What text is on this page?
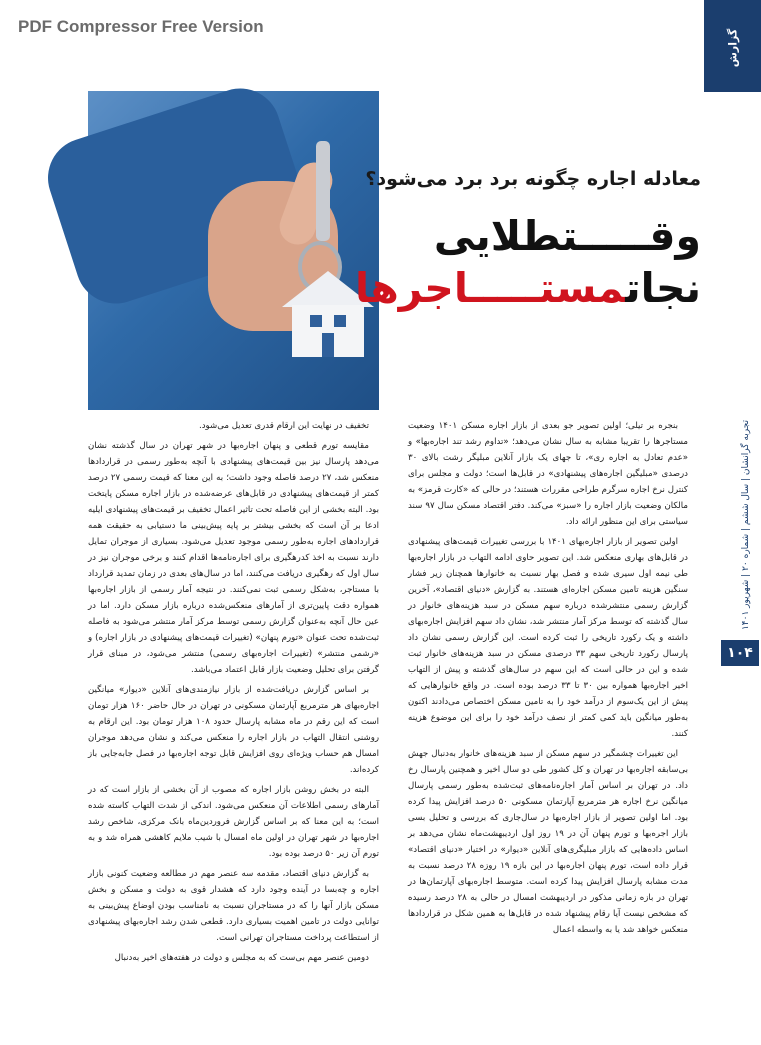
PDF Compressor Free Version
گزارش
تجربه گرانشان | سال ششم | شماره ۲۰ | شهریور ۱۴۰۱
۱۰۴
معادله اجاره چگونه برد برد می‌شود؟
وقـــــتطلایی
نجاتمستـــــاجرها

بنجره بر تیلی؛ اولین تصویر جو بعدی از بازار اجاره مسکن ۱۴۰۱ وضعیت مستاجرها را تقریبا مشابه به سال نشان می‌دهد؛ «تداوم رشد تند اجاره‌بها» و «عدم تعادل به اجاره ری»، تا جهای یک بازار آنلاین مبلیگر رشت بالای ۳۰ درصدی «مبلیگین اجاره‌های پیشنهادی» در قابل‌ها است؛ دولت و مجلس برای کنترل نرخ اجاره سرگرم طراحی مقررات هستند؛ در حالی که «کارت قرمز» به مالکان وضعیت بازار اجاره را «سبز» می‌کند. دفتر اقتصاد مسکن سال ۹۷ سند سیاستی برای این منظور ارائه داد.

اولین تصویر از بازار اجاره‌بهای ۱۴۰۱ با بررسی تغییرات قیمت‌های پیشنهادی در قابل‌های بهاری منعکس شد. این تصویر حاوی ادامه التهاب در بازار اجاره‌بها طی نیمه اول سیری شده و فصل بهار نسبت به خانوارها همچنان زیر فشار سنگین هزینه تامین مسکن اجاره‌ای هستند. به گزارش «دنیای اقتصاد»، آخرین گزارش رسمی منتشرشده درباره سهم مسکن در سبد هزینه‌های خانوار در سال گذشته که توسط مرکز آمار منتشر شد، نشان داد سهم افزایش اجاره‌بهای داشته و یک رکورد تاریخی را ثبت کرده است. این گزارش رسمی نشان داد پارسال رکورد تاریخی سهم ۳۳ درصدی مسکن در سبد هزینه‌های خانوار ثبت شده و این در حالی است که این سهم در سال‌های گذشته و پیش از التهاب اخیر اجاره‌بها همواره بین ۳۰ تا ۳۳ درصد بوده است. در واقع خانوارهایی که پیش از این یک‌سوم از درآمد خود را به تامین مسکن اختصاص می‌دادند اکنون به‌طور میانگین باید کمی کمتر از نصف درآمد خود را برای این موضوع هزینه کنند.

این تغییرات چشمگیر در سهم مسکن از سبد هزینه‌های خانوار به‌دنبال جهش بی‌سابقه اجاره‌بها در تهران و کل کشور طی دو سال اخیر و همچنین پارسال رخ داد. در تهران بر اساس آمار اجاره‌نامه‌های ثبت‌شده به‌طور رسمی پارسال میانگین نرخ اجاره هر مترمربع آپارتمان مسکونی ۵۰ درصد افزایش پیدا کرده بود. اما اولین تصویر از بازار اجاره‌بها در سال‌جاری که بررسی و تحلیل بسی بازار اجره‌بها و تورم پنهان آن در ۱۹ روز اول اردیبهشت‌ماه نشان می‌دهد بر اساس داده‌هایی که بازار مبلیگری‌های آنلاین «دیوار» در اختیار «دنیای اقتصاد» قرار داده است، تورم پنهان اجاره‌بها در این بازه ۱۹ روزه ۲۸ درصد نسبت به مدت مشابه پارسال افزایش پیدا کرده است. متوسط اجاره‌بهای آپارتمان‌ها در تهران در بازه زمانی مذکور در اردیبهشت امسال در حالی به ۲۸ درصد رسیده که مشخص نیست آیا رقام پیشنهاد شده در قابل‌ها به همین شکل در قراردادها منعکس خواهد شد یا به واسطه اعمال

تخفیف در نهایت این ارقام قدری تعدیل می‌شود.

مقایسه تورم قطعی و پنهان اجاره‌بها در شهر تهران در سال گذشته نشان می‌دهد پارسال نیز بین قیمت‌های پیشنهادی با آنچه به‌طور رسمی در قراردادها منعکس شد، ۲۷ درصد فاصله وجود داشت؛ به این معنا که قیمت رسمی ۲۷ درصد کمتر از قیمت‌های پیشنهادی در قابل‌های عرضه‌شده در بازار اجاره مسکن پایتخت بود. البته بخشی از این فاصله تحت تاثیر اعمال تخفیف بر قیمت‌های پیشنهادی ایلیه ادعا بر آن است که بخشی بیشتر بر پایه پیش‌بینی ما دستیابی به حقیقت همه قراردادهای اجاره به‌طور رسمی موجود تعدیل می‌شود. بسیاری از موجران تمایل دارند نسبت به اخذ کدرهگیری برای اجاره‌نامه‌ها اقدام کنند و برخی موجران نیز در سال اول که رهگیری دریافت می‌کنند، اما در سال‌های بعدی در زمان تمدید قرارداد با مستاجر، به‌شکل رسمی ثبت نمی‌کنند. در نتیجه آمار رسمی از بازار اجاره‌بها همواره دقت پایین‌تری از آمارهای منعکس‌شده درباره بازار مسکن دارد. اما در عین حال آنچه به‌عنوان گزارش رسمی توسط مرکز آمار منتشر می‌شود به فاصله ثبت‌شده تحت عنوان «تورم پنهان» (تغییرات قیمت‌های پیشنهادی در بازار اجاره) و «رشمی منتشر» (تغییرات اجاره‌بهای رسمی) منتشر می‌شود، در مبنای قرار گرفتن برای تحلیل وضعیت بازار قابل اعتماد می‌باشد.

بر اساس گزارش دریافت‌شده از بازار نیازمندی‌های آنلاین «دیوار» میانگین اجاره‌بهای هر مترمربع آپارتمان مسکونی در تهران در حال حاضر ۱۶۰ هزار تومان است که این رقم در ماه مشابه پارسال حدود ۱۰۸ هزار تومان بود. این ارقام به روشنی انتقال التهاب در بازار اجاره را منعکس می‌کند و نشان می‌دهد موجران امسال هم حساب ویژه‌ای روی افزایش قابل توجه اجاره‌بها در فصل جابه‌جایی باز کرده‌اند.

البته در بخش روشن بازار اجاره که مصوب از آن بخشی از بازار است که در آمارهای رسمی اطلاعات آن منعکس می‌شود. اندکی از شدت التهاب کاسته شده است؛ به این معنا که بر اساس گزارش فروردین‌ماه بانک مرکزی، شاخص رشد اجاره‌بها در شهر تهران در اولین ماه امسال با شیب ملایم کاهشی همراه شد و به تورم آن زیر ۵۰ درصد بوده بود.

به گزارش دنیای اقتصاد، مقدمه سه عنصر مهم در مطالعه وضعیت کنونی بازار اجاره و چه‌بسا در آینده وجود دارد که هشدار قوی به دولت و مسکن و بخش مسکن بازار آنها را که در مستاجران نسبت به نامناسب بودن اوضاع پیش‌بینی به توانایی دولت در تامین اهمیت بسیاری دارد. قطعی شدن رشد اجاره‌بهای پیشنهادی از استطاعت پرداخت مستاجران تهرانی است.

دومین عنصر مهم بی‌ست که به مجلس و دولت در هفته‌های اخیر به‌دنبال
